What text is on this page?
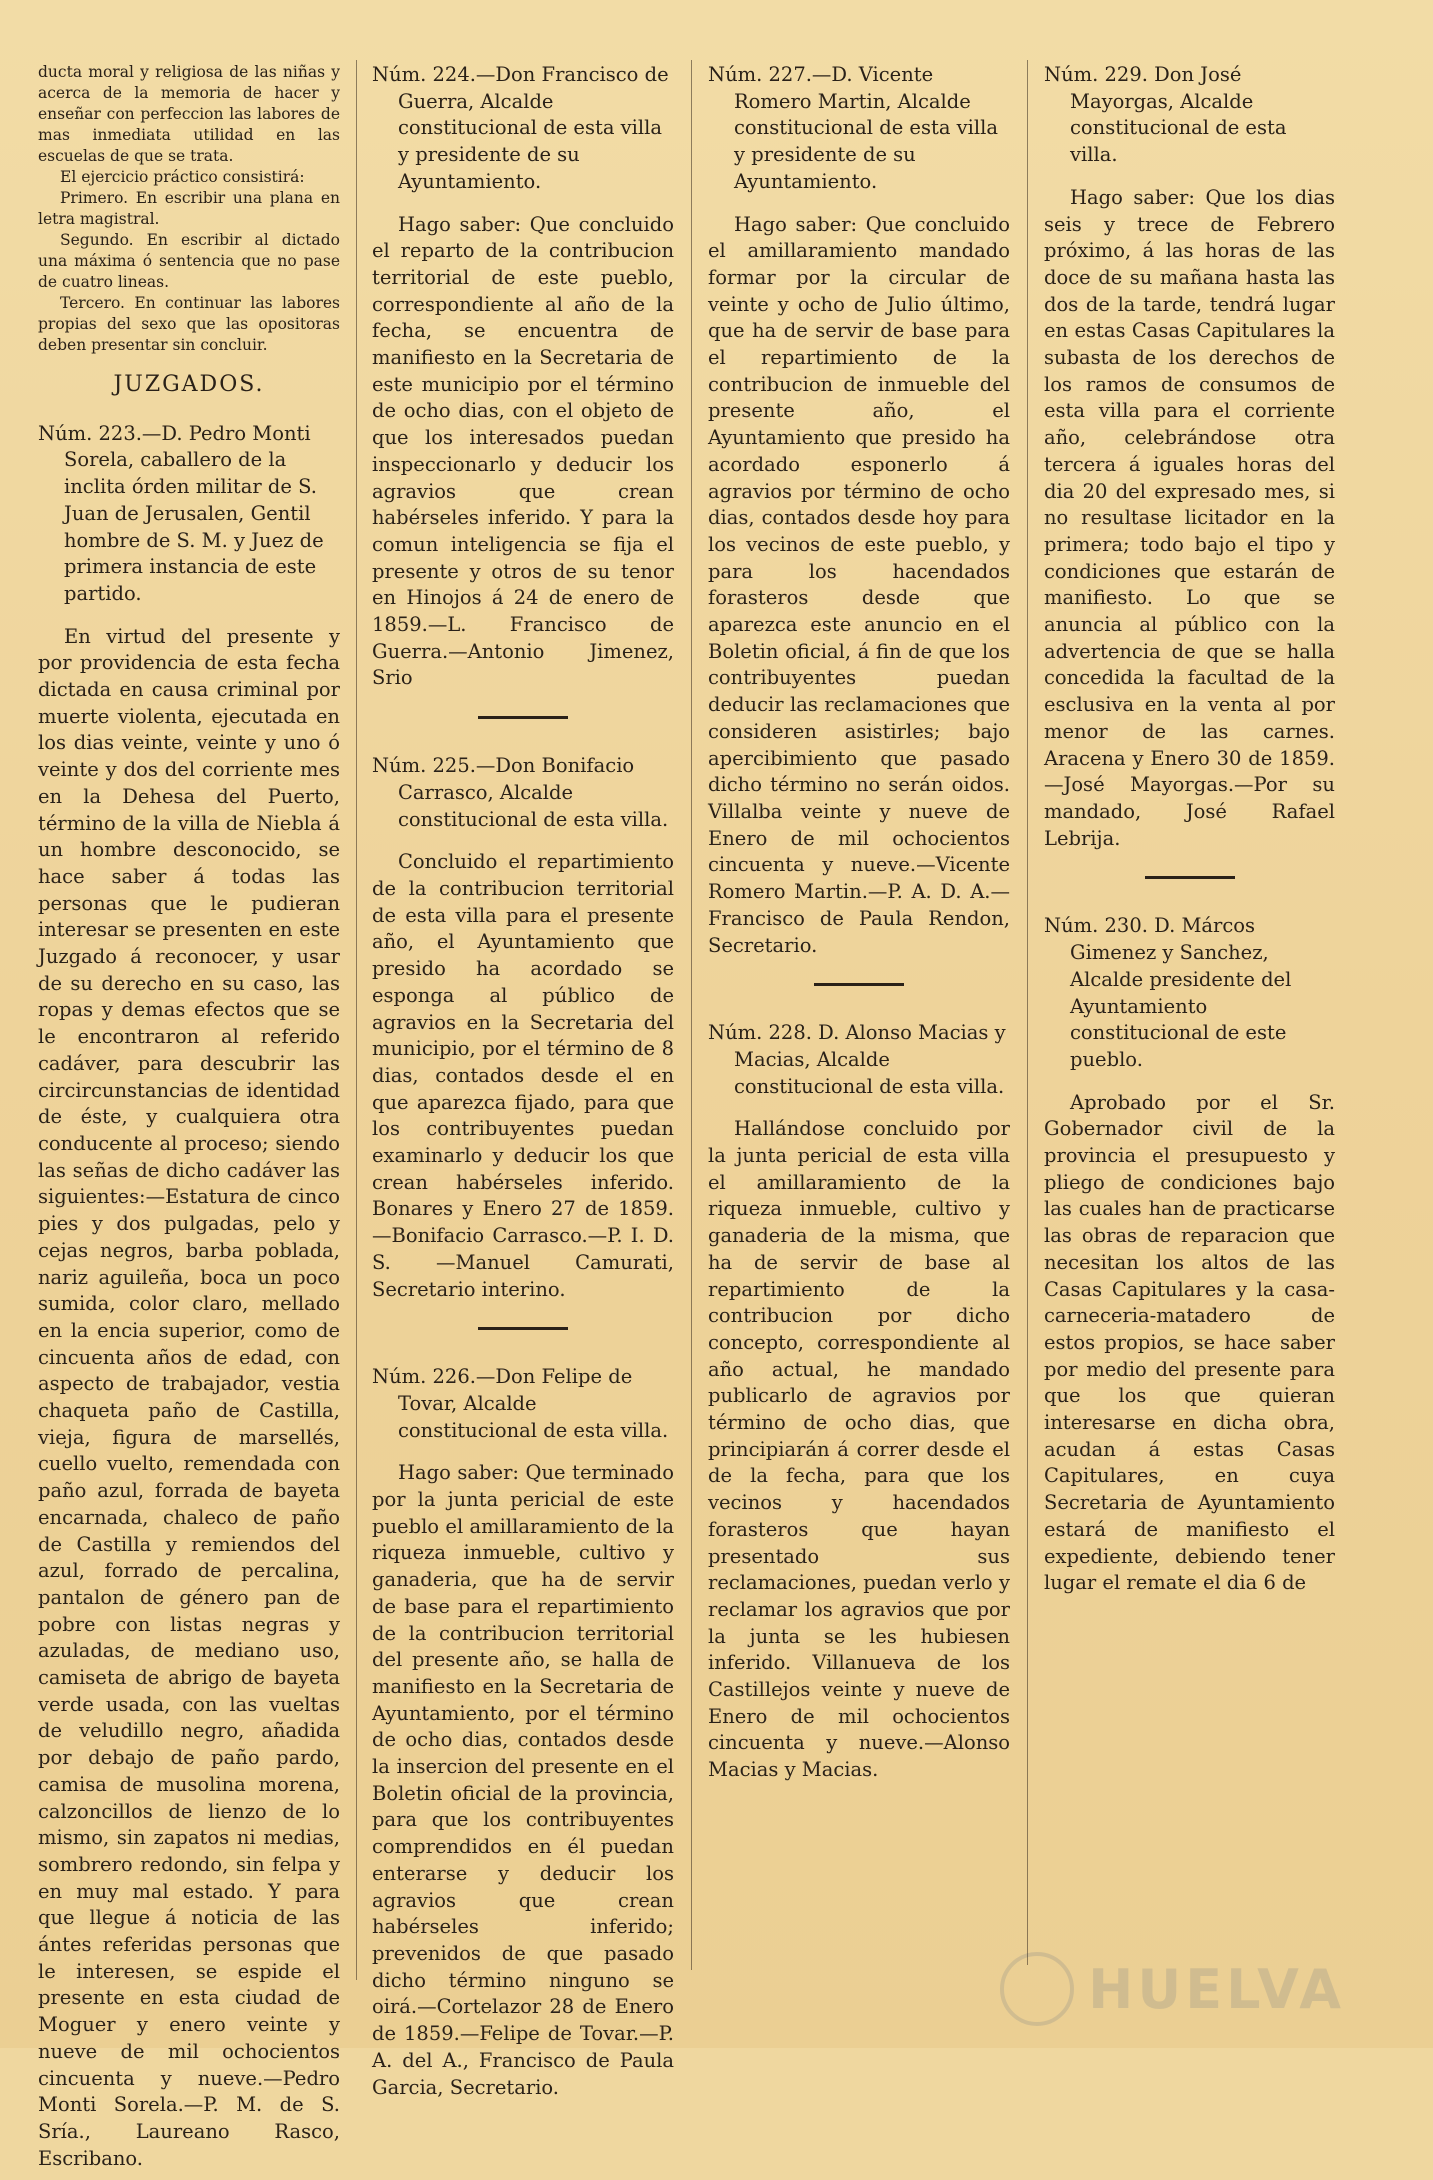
ducta moral y religiosa de las niñas y acerca de la memoria de hacer y enseñar con perfeccion las labores de mas inmediata utilidad en las escuelas de que se trata.

El ejercicio práctico consistirá:

Primero. En escribir una plana en letra magistral.

Segundo. En escribir al dictado una máxima ó sentencia que no pase de cuatro lineas.

Tercero. En continuar las labores propias del sexo que las opositoras deben presentar sin concluir.

JUZGADOS.

Núm. 223.—D. Pedro Monti Sorela, caballero de la inclita órden militar de S. Juan de Jerusalen, Gentil hombre de S. M. y Juez de primera instancia de este partido.

En virtud del presente y por providencia de esta fecha dictada en causa criminal por muerte violenta, ejecutada en los dias veinte, veinte y uno ó veinte y dos del corriente mes en la Dehesa del Puerto, término de la villa de Niebla á un hombre desconocido, se hace saber á todas las personas que le pudieran interesar se presenten en este Juzgado á reconocer, y usar de su derecho en su caso, las ropas y demas efectos que se le encontraron al referido cadáver, para descubrir las circircunstancias de identidad de éste, y cualquiera otra conducente al proceso; siendo las señas de dicho cadáver las siguientes:—Estatura de cinco pies y dos pulgadas, pelo y cejas negros, barba poblada, nariz aguileña, boca un poco sumida, color claro, mellado en la encia superior, como de cincuenta años de edad, con aspecto de trabajador, vestia chaqueta paño de Castilla, vieja, figura de marsellés, cuello vuelto, remendada con paño azul, forrada de bayeta encarnada, chaleco de paño de Castilla y remiendos del azul, forrado de percalina, pantalon de género pan de pobre con listas negras y azuladas, de mediano uso, camiseta de abrigo de bayeta verde usada, con las vueltas de veludillo negro, añadida por debajo de paño pardo, camisa de musolina morena, calzoncillos de lienzo de lo mismo, sin zapatos ni medias, sombrero redondo, sin felpa y en muy mal estado. Y para que llegue á noticia de las ántes referidas personas que le interesen, se espide el presente en esta ciudad de Moguer y enero veinte y nueve de mil ochocientos cincuenta y nueve.—Pedro Monti Sorela.—P. M. de S. Sría., Laureano Rasco, Escribano.

Núm. 224.—Don Francisco de Guerra, Alcalde constitucional de esta villa y presidente de su Ayuntamiento.

Hago saber: Que concluido el reparto de la contribucion territorial de este pueblo, correspondiente al año de la fecha, se encuentra de manifiesto en la Secretaria de este municipio por el término de ocho dias, con el objeto de que los interesados puedan inspeccionarlo y deducir los agravios que crean habérseles inferido. Y para la comun inteligencia se fija el presente y otros de su tenor en Hinojos á 24 de enero de 1859.—L. Francisco de Guerra.—Antonio Jimenez, Srio

Núm. 225.—Don Bonifacio Carrasco, Alcalde constitucional de esta villa.

Concluido el repartimiento de la contribucion territorial de esta villa para el presente año, el Ayuntamiento que presido ha acordado se esponga al público de agravios en la Secretaria del municipio, por el término de 8 dias, contados desde el en que aparezca fijado, para que los contribuyentes puedan examinarlo y deducir los que crean habérseles inferido. Bonares y Enero 27 de 1859.—Bonifacio Carrasco.—P. I. D. S. —Manuel Camurati, Secretario interino.

Núm. 226.—Don Felipe de Tovar, Alcalde constitucional de esta villa.

Hago saber: Que terminado por la junta pericial de este pueblo el amillaramiento de la riqueza inmueble, cultivo y ganaderia, que ha de servir de base para el repartimiento de la contribucion territorial del presente año, se halla de manifiesto en la Secretaria de Ayuntamiento, por el término de ocho dias, contados desde la insercion del presente en el Boletin oficial de la provincia, para que los contribuyentes comprendidos en él puedan enterarse y deducir los agravios que crean habérseles inferido; prevenidos de que pasado dicho término ninguno se oirá.—Cortelazor 28 de Enero de 1859.—Felipe de Tovar.—P. A. del A., Francisco de Paula Garcia, Secretario.

Núm. 227.—D. Vicente Romero Martin, Alcalde constitucional de esta villa y presidente de su Ayuntamiento.

Hago saber: Que concluido el amillaramiento mandado formar por la circular de veinte y ocho de Julio último, que ha de servir de base para el repartimiento de la contribucion de inmueble del presente año, el Ayuntamiento que presido ha acordado esponerlo á agravios por término de ocho dias, contados desde hoy para los vecinos de este pueblo, y para los hacendados forasteros desde que aparezca este anuncio en el Boletin oficial, á fin de que los contribuyentes puedan deducir las reclamaciones que consideren asistirles; bajo apercibimiento que pasado dicho término no serán oidos. Villalba veinte y nueve de Enero de mil ochocientos cincuenta y nueve.—Vicente Romero Martin.—P. A. D. A.—Francisco de Paula Rendon, Secretario.

Núm. 228. D. Alonso Macias y Macias, Alcalde constitucional de esta villa.

Hallándose concluido por la junta pericial de esta villa el amillaramiento de la riqueza inmueble, cultivo y ganaderia de la misma, que ha de servir de base al repartimiento de la contribucion por dicho concepto, correspondiente al año actual, he mandado publicarlo de agravios por término de ocho dias, que principiarán á correr desde el de la fecha, para que los vecinos y hacendados forasteros que hayan presentado sus reclamaciones, puedan verlo y reclamar los agravios que por la junta se les hubiesen inferido. Villanueva de los Castillejos veinte y nueve de Enero de mil ochocientos cincuenta y nueve.—Alonso Macias y Macias.

Núm. 229. Don José Mayorgas, Alcalde constitucional de esta villa.

Hago saber: Que los dias seis y trece de Febrero próximo, á las horas de las doce de su mañana hasta las dos de la tarde, tendrá lugar en estas Casas Capitulares la subasta de los derechos de los ramos de consumos de esta villa para el corriente año, celebrándose otra tercera á iguales horas del dia 20 del expresado mes, si no resultase licitador en la primera; todo bajo el tipo y condiciones que estarán de manifiesto. Lo que se anuncia al público con la advertencia de que se halla concedida la facultad de la esclusiva en la venta al por menor de las carnes. Aracena y Enero 30 de 1859.—José Mayorgas.—Por su mandado, José Rafael Lebrija.

Núm. 230. D. Márcos Gimenez y Sanchez, Alcalde presidente del Ayuntamiento constitucional de este pueblo.

Aprobado por el Sr. Gobernador civil de la provincia el presupuesto y pliego de condiciones bajo las cuales han de practicarse las obras de reparacion que necesitan los altos de las Casas Capitulares y la casa-carneceria-matadero de estos propios, se hace saber por medio del presente para que los que quieran interesarse en dicha obra, acudan á estas Casas Capitulares, en cuya Secretaria de Ayuntamiento estará de manifiesto el expediente, debiendo tener lugar el remate el dia 6 de

HUELVA
